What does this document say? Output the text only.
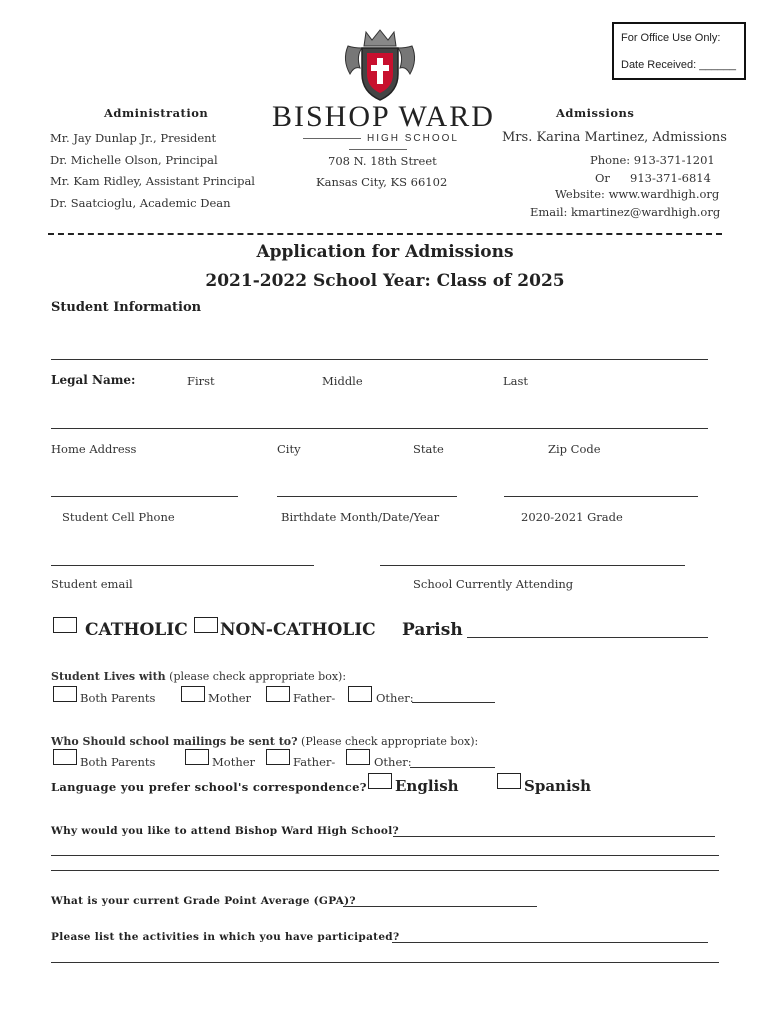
For Office Use Only:
Date Received: ______
Administration
Mr. Jay Dunlap Jr., President
Dr. Michelle Olson, Principal
Mr. Kam Ridley, Assistant Principal
Dr. Saatcioglu, Academic Dean
BISHOP WARD
HIGH SCHOOL
708 N. 18th Street
Kansas City, KS 66102
Admissions
Mrs. Karina Martinez, Admissions
Phone: 913-371-1201
Or 913-371-6814
Website: www.wardhigh.org
Email: kmartinez@wardhigh.org
Application for Admissions
2021-2022 School Year: Class of 2025
Student Information
Legal Name:	First	Middle	Last
Home Address	City	State	Zip Code
Student Cell Phone	Birthdate Month/Date/Year	2020-2021 Grade
Student email	School Currently Attending
CATHOLIC NON-CATHOLIC Parish
Student Lives with (please check appropriate box):
Both Parents	Mother	Father-	Other:
Who Should school mailings be sent to? (Please check appropriate box):
Both Parents	Mother	Father-	Other:
Language you prefer school's correspondence? English	Spanish
Why would you like to attend Bishop Ward High School?
What is your current Grade Point Average (GPA)?
Please list the activities in which you have participated?
